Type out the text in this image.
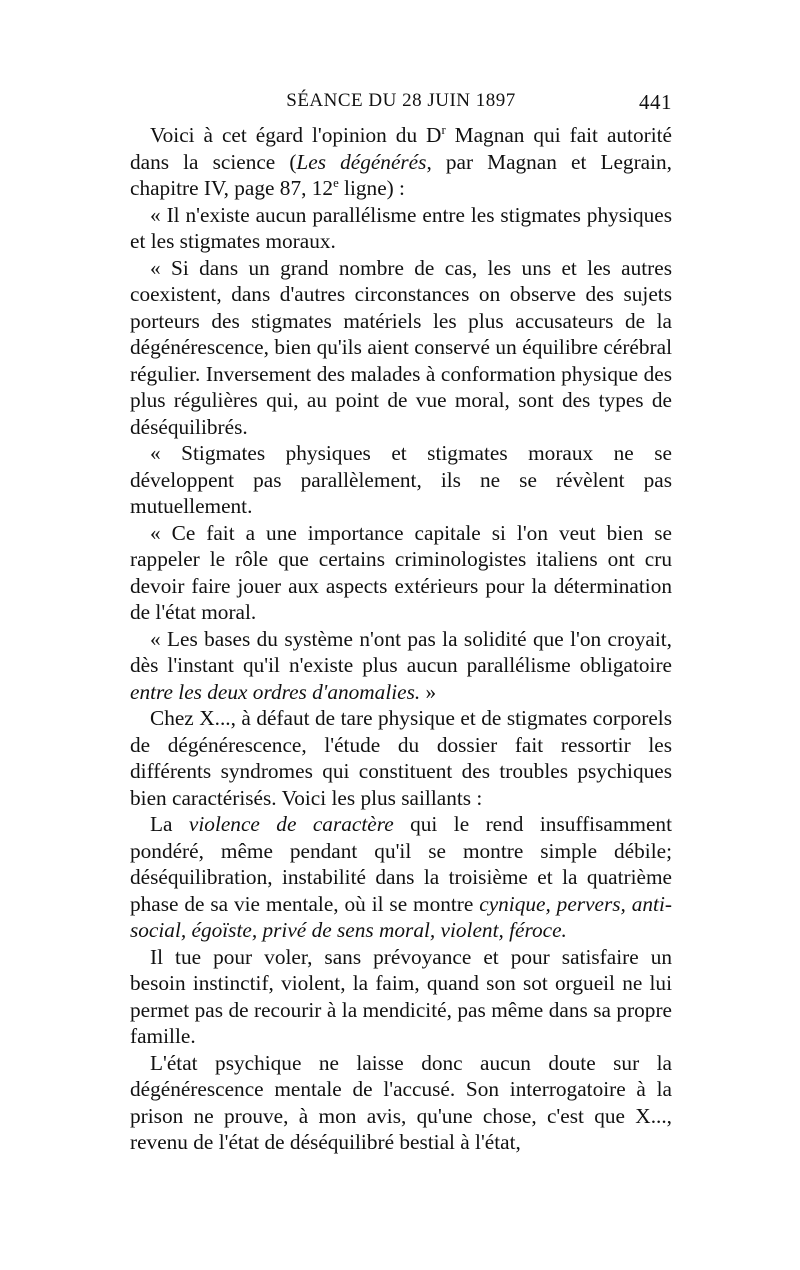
SÉANCE DU 28 JUIN 1897	441

Voici à cet égard l'opinion du $D^r$ Magnan qui fait autorité dans la science (Les dégénérés, par Magnan et Legrain, chapitre IV, page 87, 12e ligne) :

« Il n'existe aucun parallélisme entre les stigmates physiques et les stigmates moraux.

« Si dans un grand nombre de cas, les uns et les autres coexistent, dans d'autres circonstances on observe des sujets porteurs des stigmates matériels les plus accusateurs de la dégénérescence, bien qu'ils aient conservé un équilibre cérébral régulier. Inversement des malades à conformation physique des plus régulières qui, au point de vue moral, sont des types de déséquilibrés.

« Stigmates physiques et stigmates moraux ne se développent pas parallèlement, ils ne se révèlent pas mutuellement.

« Ce fait a une importance capitale si l'on veut bien se rappeler le rôle que certains criminologistes italiens ont cru devoir faire jouer aux aspects extérieurs pour la détermination de l'état moral.

« Les bases du système n'ont pas la solidité que l'on croyait, dès l'instant qu'il n'existe plus aucun parallélisme obligatoire entre les deux ordres d'anomalies. »

Chez X..., à défaut de tare physique et de stigmates corporels de dégénérescence, l'étude du dossier fait ressortir les différents syndromes qui constituent des troubles psychiques bien caractérisés. Voici les plus saillants :

La violence de caractère qui le rend insuffisamment pondéré, même pendant qu'il se montre simple débile; déséquilibration, instabilité dans la troisième et la quatrième phase de sa vie mentale, où il se montre cynique, pervers, anti-social, égoïste, privé de sens moral, violent, féroce.

Il tue pour voler, sans prévoyance et pour satisfaire un besoin instinctif, violent, la faim, quand son sot orgueil ne lui permet pas de recourir à la mendicité, pas même dans sa propre famille.

L'état psychique ne laisse donc aucun doute sur la dégénérescence mentale de l'accusé. Son interrogatoire à la prison ne prouve, à mon avis, qu'une chose, c'est que X..., revenu de l'état de déséquilibré bestial à l'état,
